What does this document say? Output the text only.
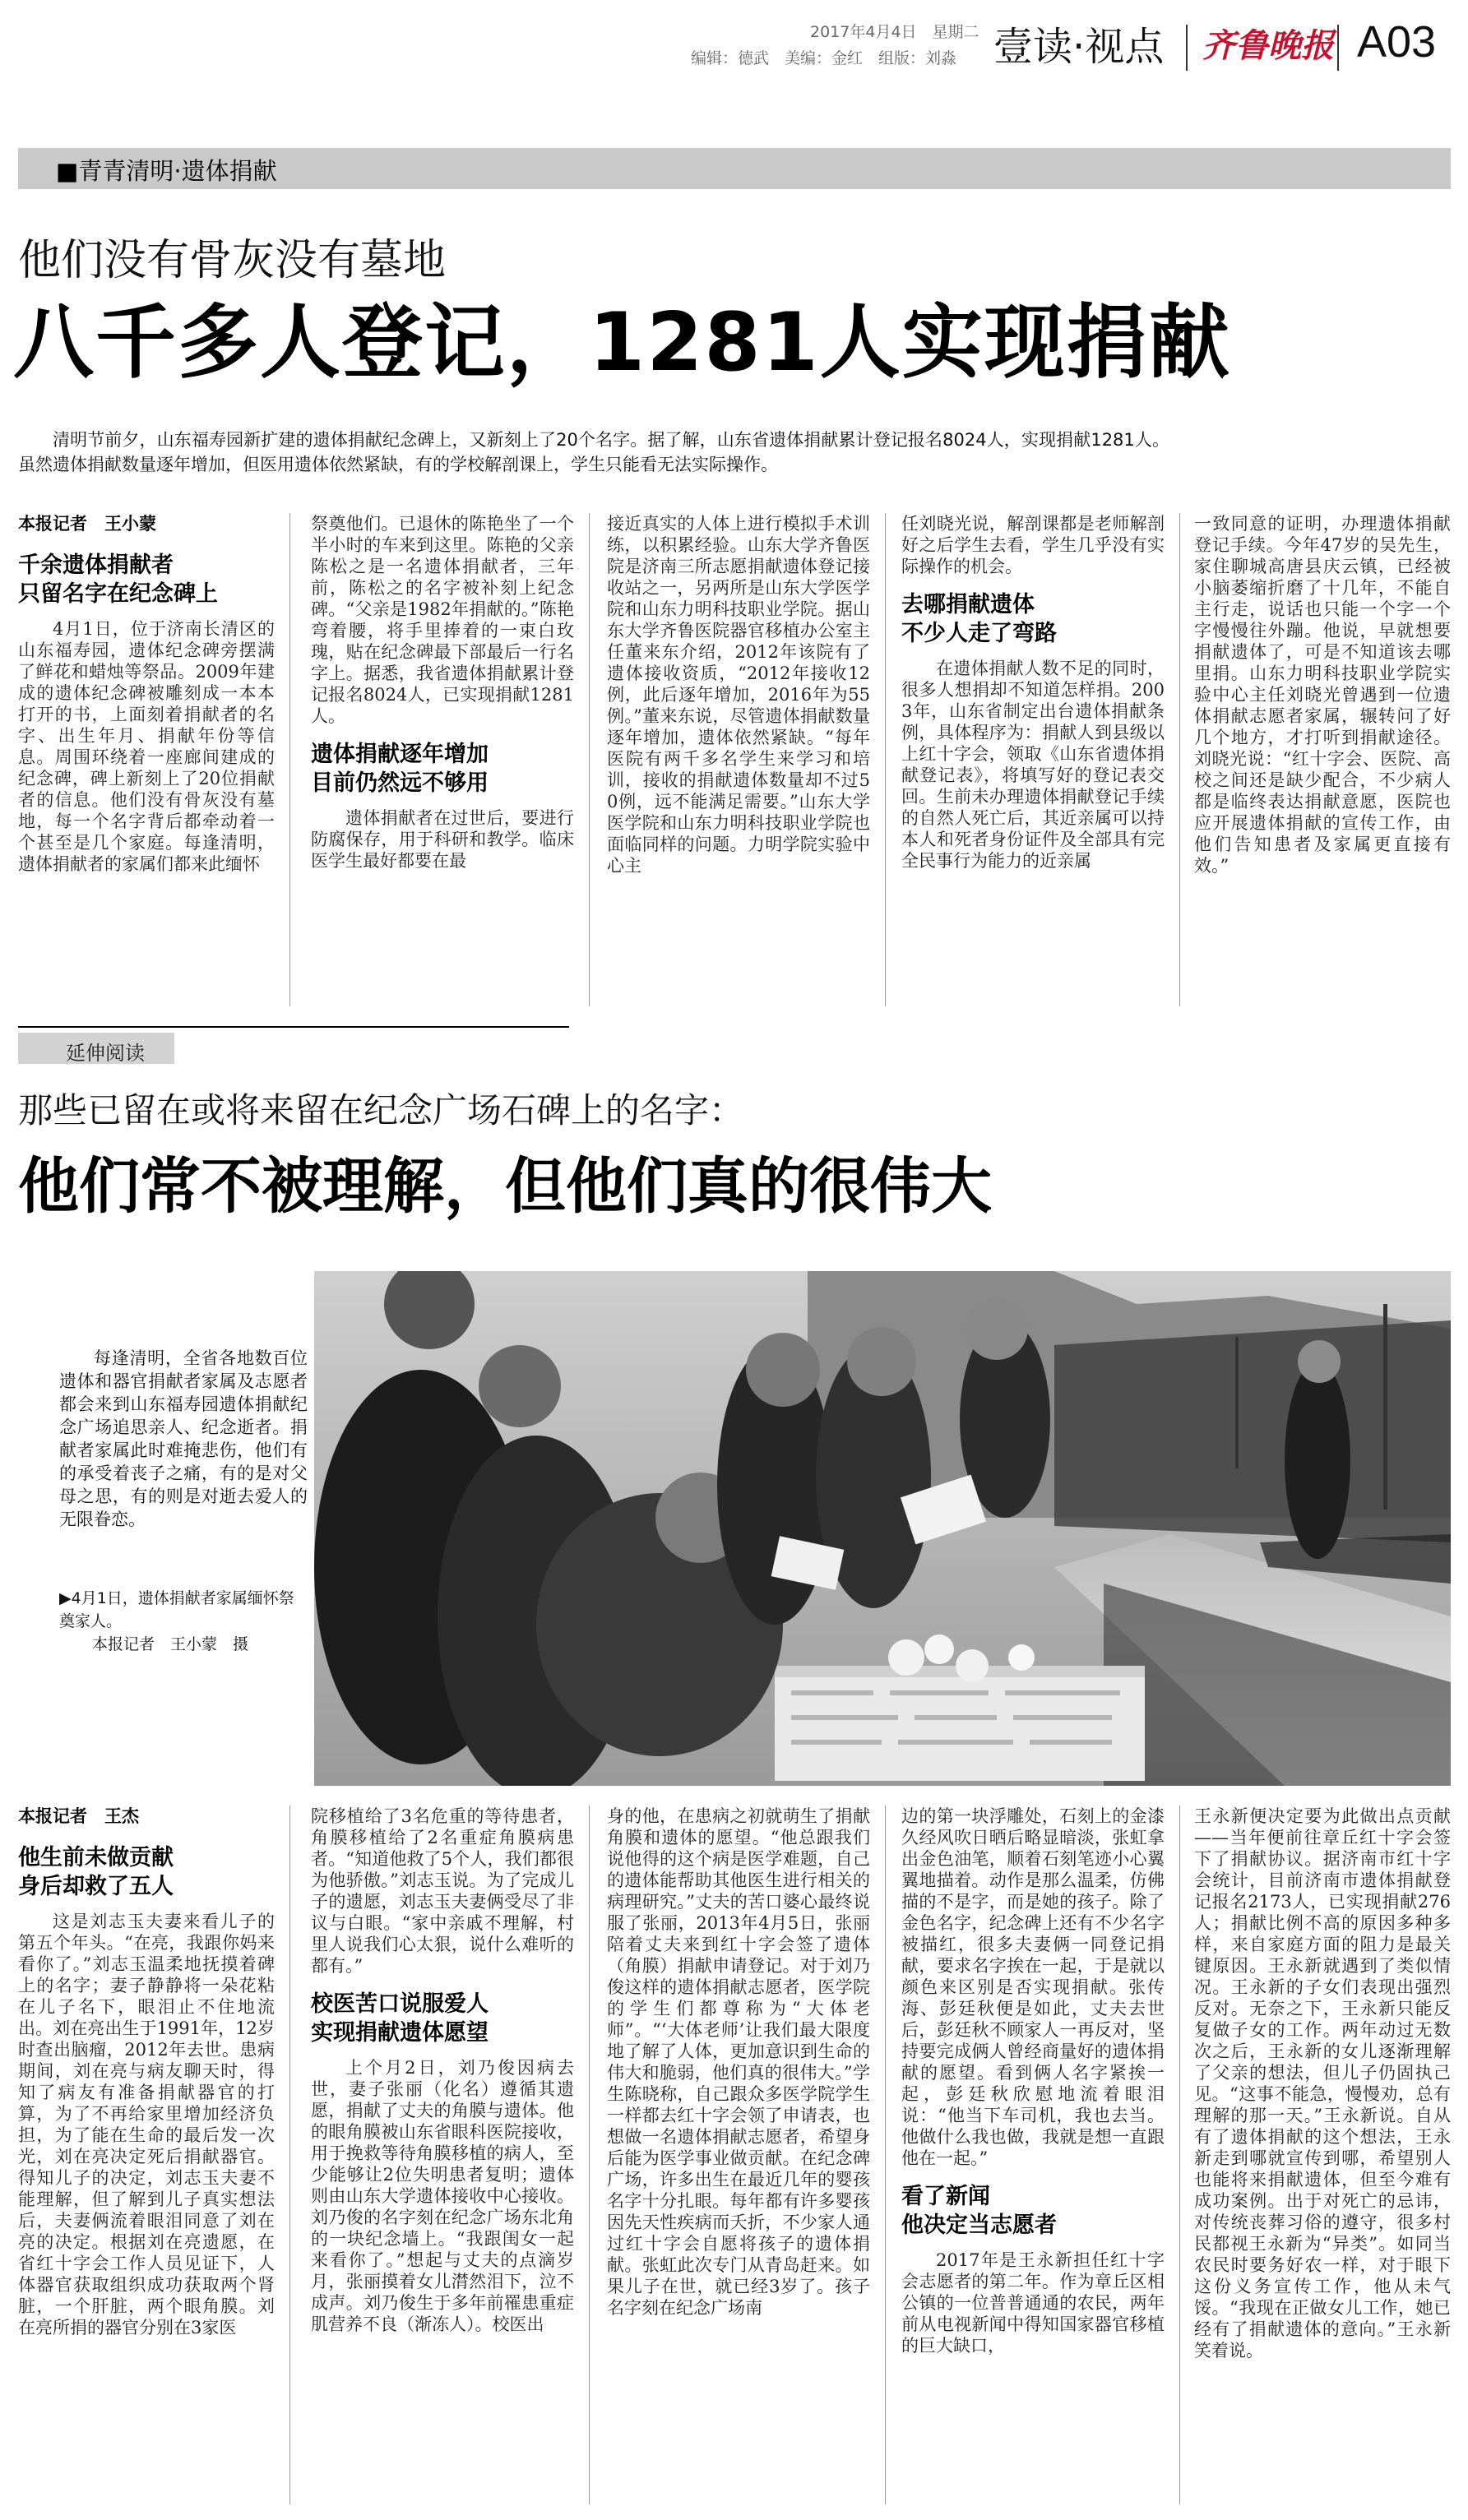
2017年4月4日　 星期二
编辑：德武　美编：金红　组版：刘淼 壹读·视点 齐鲁晚报 A03
■青青清明·遗体捐献
他们没有骨灰没有墓地
八千多人登记，1281人实现捐献

清明节前夕，山东福寿园新扩建的遗体捐献纪念碑上，又新刻上了20个名字。据了解，山东省遗体捐献累计登记报名8024人，实现捐献1281人。虽然遗体捐献数量逐年增加，但医用遗体依然紧缺，有的学校解剖课上，学生只能看无法实际操作。

本报记者　王小蒙
千余遗体捐献者
只留名字在纪念碑上

4月1日，位于济南长清区的山东福寿园，遗体纪念碑旁摆满了鲜花和蜡烛等祭品。2009年建成的遗体纪念碑被雕刻成一本本打开的书，上面刻着捐献者的名字、出生年月、捐献年份等信息。周围环绕着一座廊间建成的纪念碑，碑上新刻上了20位捐献者的信息。他们没有骨灰没有墓地，每一个名字背后都牵动着一个甚至是几个家庭。每逢清明，遗体捐献者的家属们都来此缅怀

祭奠他们。已退休的陈艳坐了一个半小时的车来到这里。陈艳的父亲陈松之是一名遗体捐献者，三年前，陈松之的名字被补刻上纪念碑。“父亲是1982年捐献的。”陈艳弯着腰，将手里捧着的一束白玫瑰，贴在纪念碑最下部最后一行名字上。据悉，我省遗体捐献累计登记报名8024人，已实现捐献1281人。

遗体捐献逐年增加
目前仍然远不够用

遗体捐献者在过世后，要进行防腐保存，用于科研和教学。临床医学生最好都要在最

接近真实的人体上进行模拟手术训练，以积累经验。山东大学齐鲁医院是济南三所志愿捐献遗体登记接收站之一，另两所是山东大学医学院和山东力明科技职业学院。据山东大学齐鲁医院器官移植办公室主任董来东介绍，2012年该院有了遗体接收资质，“2012年接收12例，此后逐年增加，2016年为55例。”董来东说，尽管遗体捐献数量逐年增加，遗体依然紧缺。“每年医院有两千多名学生来学习和培训，接收的捐献遗体数量却不过50例，远不能满足需要。”山东大学医学院和山东力明科技职业学院也面临同样的问题。力明学院实验中心主

任刘晓光说，解剖课都是老师解剖好之后学生去看，学生几乎没有实际操作的机会。

去哪捐献遗体
不少人走了弯路

在遗体捐献人数不足的同时，很多人想捐却不知道怎样捐。2003年，山东省制定出台遗体捐献条例，具体程序为：捐献人到县级以上红十字会，领取《山东省遗体捐献登记表》，将填写好的登记表交回。生前未办理遗体捐献登记手续的自然人死亡后，其近亲属可以持本人和死者身份证件及全部具有完全民事行为能力的近亲属

一致同意的证明，办理遗体捐献登记手续。今年47岁的吴先生，家住聊城高唐县庆云镇，已经被小脑萎缩折磨了十几年，不能自主行走，说话也只能一个字一个字慢慢往外蹦。他说，早就想要捐献遗体了，可是不知道该去哪里捐。山东力明科技职业学院实验中心主任刘晓光曾遇到一位遗体捐献志愿者家属，辗转问了好几个地方，才打听到捐献途径。刘晓光说：“红十字会、医院、高校之间还是缺少配合，不少病人都是临终表达捐献意愿，医院也应开展遗体捐献的宣传工作，由他们告知患者及家属更直接有效。”

延伸阅读
那些已留在或将来留在纪念广场石碑上的名字：
他们常不被理解，但他们真的很伟大

每逢清明，全省各地数百位遗体和器官捐献者家属及志愿者都会来到山东福寿园遗体捐献纪念广场追思亲人、纪念逝者。捐献者家属此时难掩悲伤，他们有的承受着丧子之痛，有的是对父母之思，有的则是对逝去爱人的无限眷恋。

▶4月1日，遗体捐献者家属缅怀祭奠家人。
本报记者　王小蒙　摄
本报记者　王杰
他生前未做贡献
身后却救了五人

这是刘志玉夫妻来看儿子的第五个年头。“在亮，我跟你妈来看你了。”刘志玉温柔地抚摸着碑上的名字；妻子静静将一朵花粘在儿子名下，眼泪止不住地流出。刘在亮出生于1991年，12岁时查出脑瘤，2012年去世。患病期间，刘在亮与病友聊天时，得知了病友有准备捐献器官的打算，为了不再给家里增加经济负担，为了能在生命的最后发一次光，刘在亮决定死后捐献器官。得知儿子的决定，刘志玉夫妻不能理解，但了解到儿子真实想法后，夫妻俩流着眼泪同意了刘在亮的决定。根据刘在亮遗愿，在省红十字会工作人员见证下，人体器官获取组织成功获取两个肾脏，一个肝脏，两个眼角膜。刘在亮所捐的器官分别在3家医

院移植给了3名危重的等待患者，角膜移植给了2名重症角膜病患者。“知道他救了5个人，我们都很为他骄傲。”刘志玉说。为了完成儿子的遗愿，刘志玉夫妻俩受尽了非议与白眼。“家中亲戚不理解，村里人说我们心太狠，说什么难听的都有。”

校医苦口说服爱人
实现捐献遗体愿望

上个月2日，刘乃俊因病去世，妻子张丽（化名）遵循其遗愿，捐献了丈夫的角膜与遗体。他的眼角膜被山东省眼科医院接收，用于挽救等待角膜移植的病人，至少能够让2位失明患者复明；遗体则由山东大学遗体接收中心接收。刘乃俊的名字刻在纪念广场东北角的一块纪念墙上。“我跟闺女一起来看你了。”想起与丈夫的点滴岁月，张丽摸着女儿潸然泪下，泣不成声。刘乃俊生于多年前罹患重症肌营养不良（渐冻人）。校医出

身的他，在患病之初就萌生了捐献角膜和遗体的愿望。“他总跟我们说他得的这个病是医学难题，自己的遗体能帮助其他医生进行相关的病理研究。”丈夫的苦口婆心最终说服了张丽，2013年4月5日，张丽陪着丈夫来到红十字会签了遗体（角膜）捐献申请登记。对于刘乃俊这样的遗体捐献志愿者，医学院的学生们都尊称为“大体老师”。“‘大体老师’让我们最大限度地了解了人体，更加意识到生命的伟大和脆弱，他们真的很伟大。”学生陈晓称，自己跟众多医学院学生一样都去红十字会领了申请表，也想做一名遗体捐献志愿者，希望身后能为医学事业做贡献。在纪念碑广场，许多出生在最近几年的婴孩名字十分扎眼。每年都有许多婴孩因先天性疾病而夭折，不少家人通过红十字会自愿将孩子的遗体捐献。张虹此次专门从青岛赶来。如果儿子在世，就已经3岁了。孩子名字刻在纪念广场南

边的第一块浮雕处，石刻上的金漆久经风吹日晒后略显暗淡，张虹拿出金色油笔，顺着石刻笔迹小心翼翼地描着。动作是那么温柔，仿佛描的不是字，而是她的孩子。除了金色名字，纪念碑上还有不少名字被描红，很多夫妻俩一同登记捐献，要求名字挨在一起，于是就以颜色来区别是否实现捐献。张传海、彭廷秋便是如此，丈夫去世后，彭廷秋不顾家人一再反对，坚持要完成俩人曾经商量好的遗体捐献的愿望。看到俩人名字紧挨一起，彭廷秋欣慰地流着眼泪说：“他当下车司机，我也去当。他做什么我也做，我就是想一直跟他在一起。”

看了新闻
他决定当志愿者

2017年是王永新担任红十字会志愿者的第二年。作为章丘区相公镇的一位普普通通的农民，两年前从电视新闻中得知国家器官移植的巨大缺口，

王永新便决定要为此做出点贡献——当年便前往章丘红十字会签下了捐献协议。据济南市红十字会统计，目前济南市遗体捐献登记报名2173人，已实现捐献276人；捐献比例不高的原因多种多样，来自家庭方面的阻力是最关键原因。王永新就遇到了类似情况。王永新的子女们表现出强烈反对。无奈之下，王永新只能反复做子女的工作。两年动过无数次之后，王永新的女儿逐渐理解了父亲的想法，但儿子仍固执己见。“这事不能急，慢慢劝，总有理解的那一天。”王永新说。自从有了遗体捐献的这个想法，王永新走到哪就宣传到哪，希望别人也能将来捐献遗体，但至今难有成功案例。出于对死亡的忌讳，对传统丧葬习俗的遵守，很多村民都视王永新为“异类”。如同当农民时要务好农一样，对于眼下这份义务宣传工作，他从未气馁。“我现在正做女儿工作，她已经有了捐献遗体的意向。”王永新笑着说。
